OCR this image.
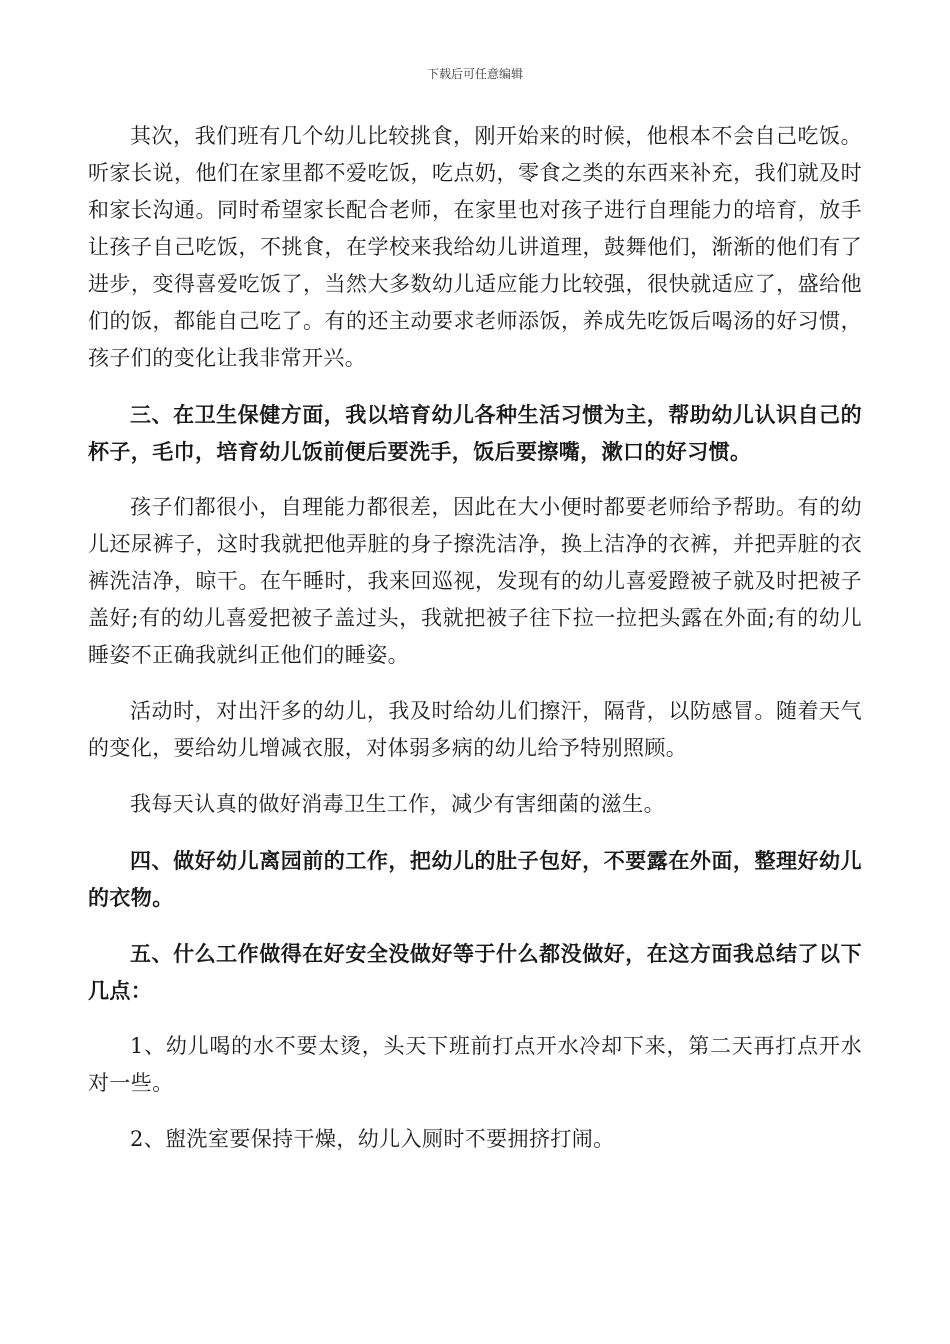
下载后可任意编辑

其次，我们班有几个幼儿比较挑食，刚开始来的时候，他根本不会自己吃饭。听家长说，他们在家里都不爱吃饭，吃点奶，零食之类的东西来补充，我们就及时和家长沟通。同时希望家长配合老师，在家里也对孩子进行自理能力的培育，放手让孩子自己吃饭，不挑食，在学校来我给幼儿讲道理，鼓舞他们，渐渐的他们有了进步，变得喜爱吃饭了，当然大多数幼儿适应能力比较强，很快就适应了，盛给他们的饭，都能自己吃了。有的还主动要求老师添饭，养成先吃饭后喝汤的好习惯，孩子们的变化让我非常开兴。

三、在卫生保健方面，我以培育幼儿各种生活习惯为主，帮助幼儿认识自己的杯子，毛巾，培育幼儿饭前便后要洗手，饭后要擦嘴，漱口的好习惯。

孩子们都很小，自理能力都很差，因此在大小便时都要老师给予帮助。有的幼儿还尿裤子，这时我就把他弄脏的身子擦洗洁净，换上洁净的衣裤，并把弄脏的衣裤洗洁净，晾干。在午睡时，我来回巡视，发现有的幼儿喜爱蹬被子就及时把被子盖好;有的幼儿喜爱把被子盖过头，我就把被子往下拉一拉把头露在外面;有的幼儿睡姿不正确我就纠正他们的睡姿。

活动时，对出汗多的幼儿，我及时给幼儿们擦汗，隔背，以防感冒。随着天气的变化，要给幼儿增减衣服，对体弱多病的幼儿给予特别照顾。

我每天认真的做好消毒卫生工作，减少有害细菌的滋生。

四、做好幼儿离园前的工作，把幼儿的肚子包好，不要露在外面，整理好幼儿的衣物。

五、什么工作做得在好安全没做好等于什么都没做好，在这方面我总结了以下几点：

1、幼儿喝的水不要太烫，头天下班前打点开水冷却下来，第二天再打点开水对一些。

2、盥洗室要保持干燥，幼儿入厕时不要拥挤打闹。
